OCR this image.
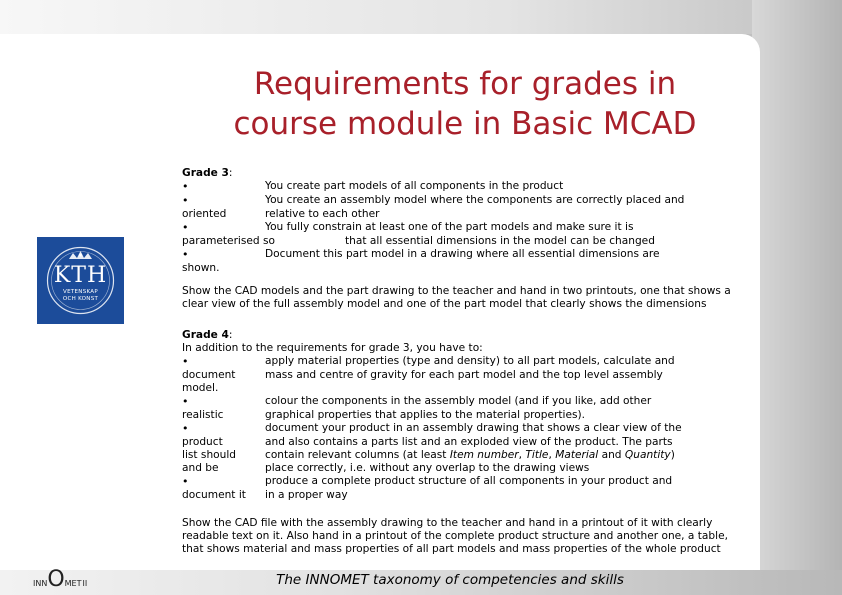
Requirements for grades in
course module in Basic MCAD
KTH
VETENSKAP
OCH KONST
Grade 3:
•	You create part models of all components in the product
•	You create an assembly model where the components are correctly placed and
oriented	relative to each other
•	You fully constrain at least one of the part models and make sure it is
parameterised so	that all essential dimensions in the model can be changed
•	Document this part model in a drawing where all essential dimensions are
shown.

Show the CAD models and the part drawing to the teacher and hand in two printouts, one that shows a clear view of the full assembly model and one of the part model that clearly shows the dimensions

Grade 4:
In addition to the requirements for grade 3, you have to:
•	apply material properties (type and density) to all part models, calculate and
document	mass and centre of gravity for each part model and the top level assembly
model.
•	colour the components in the assembly model (and if you like, add other
realistic	graphical properties that applies to the material properties).
•	document your product in an assembly drawing that shows a clear view of the
product	and also contains a parts list and an exploded view of the product. The parts
list should	contain relevant columns (at least Item number, Title, Material and Quantity)
and be	place correctly, i.e. without any overlap to the drawing views
•	produce a complete product structure of all components in your product and
document it	in a proper way

Show the CAD file with the assembly drawing to the teacher and hand in a printout of it with clearly readable text on it. Also hand in a printout of the complete product structure and another one, a table, that shows material and mass properties of all part models and mass properties of the whole product

INN O MET II	The INNOMET taxonomy of competencies and skills
